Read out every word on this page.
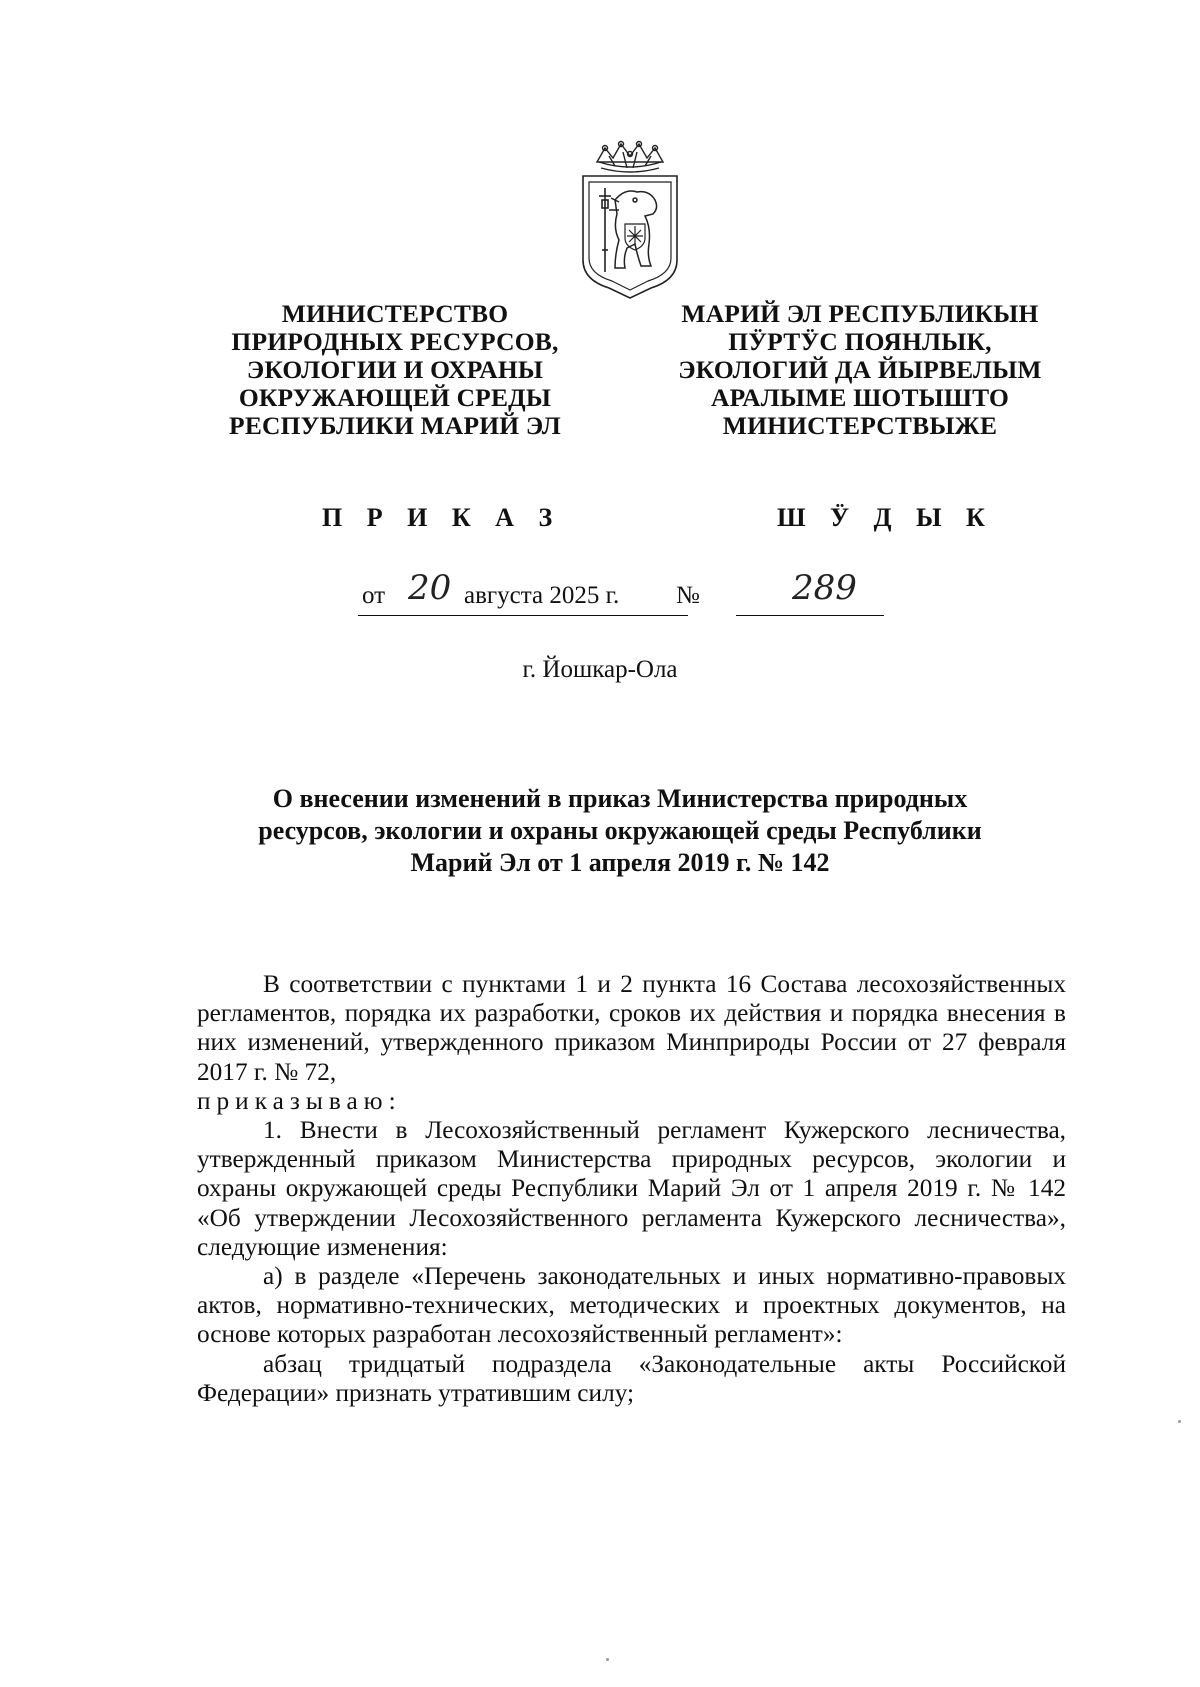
МИНИСТЕРСТВО
ПРИРОДНЫХ РЕСУРСОВ,
ЭКОЛОГИИ И ОХРАНЫ
ОКРУЖАЮЩЕЙ СРЕДЫ
РЕСПУБЛИКИ МАРИЙ ЭЛ
МАРИЙ ЭЛ РЕСПУБЛИКЫН
ПӰРТӰС ПОЯНЛЫК,
ЭКОЛОГИЙ ДА ЙЫРВЕЛЫМ
АРАЛЫМЕ ШОТЫШТО
МИНИСТЕРСТВЫЖЕ
П Р И К А З	Ш Ӱ Д Ы К
от 20 августа 2025 г. №	289
г. Йошкар-Ола
О внесении изменений в приказ Министерства природных
ресурсов, экологии и охраны окружающей среды Республики
Марий Эл от 1 апреля 2019 г. № 142

В соответствии с пунктами 1 и 2 пункта 16 Состава лесохозяйственных регламентов, порядка их разработки, сроков их действия и порядка внесения в них изменений, утвержденного приказом Минприроды России от 27 февраля 2017 г. № 72,

приказываю:

1. Внести в Лесохозяйственный регламент Кужерского лесничества, утвержденный приказом Министерства природных ресурсов, экологии и охраны окружающей среды Республики Марий Эл от 1 апреля 2019 г. № 142 «Об утверждении Лесохозяйственного регламента Кужерского лесничества», следующие изменения:

а) в разделе «Перечень законодательных и иных нормативно-правовых актов, нормативно-технических, методических и проектных документов, на основе которых разработан лесохозяйственный регламент»:

абзац тридцатый подраздела «Законодательные акты Российской Федерации» признать утратившим силу;
